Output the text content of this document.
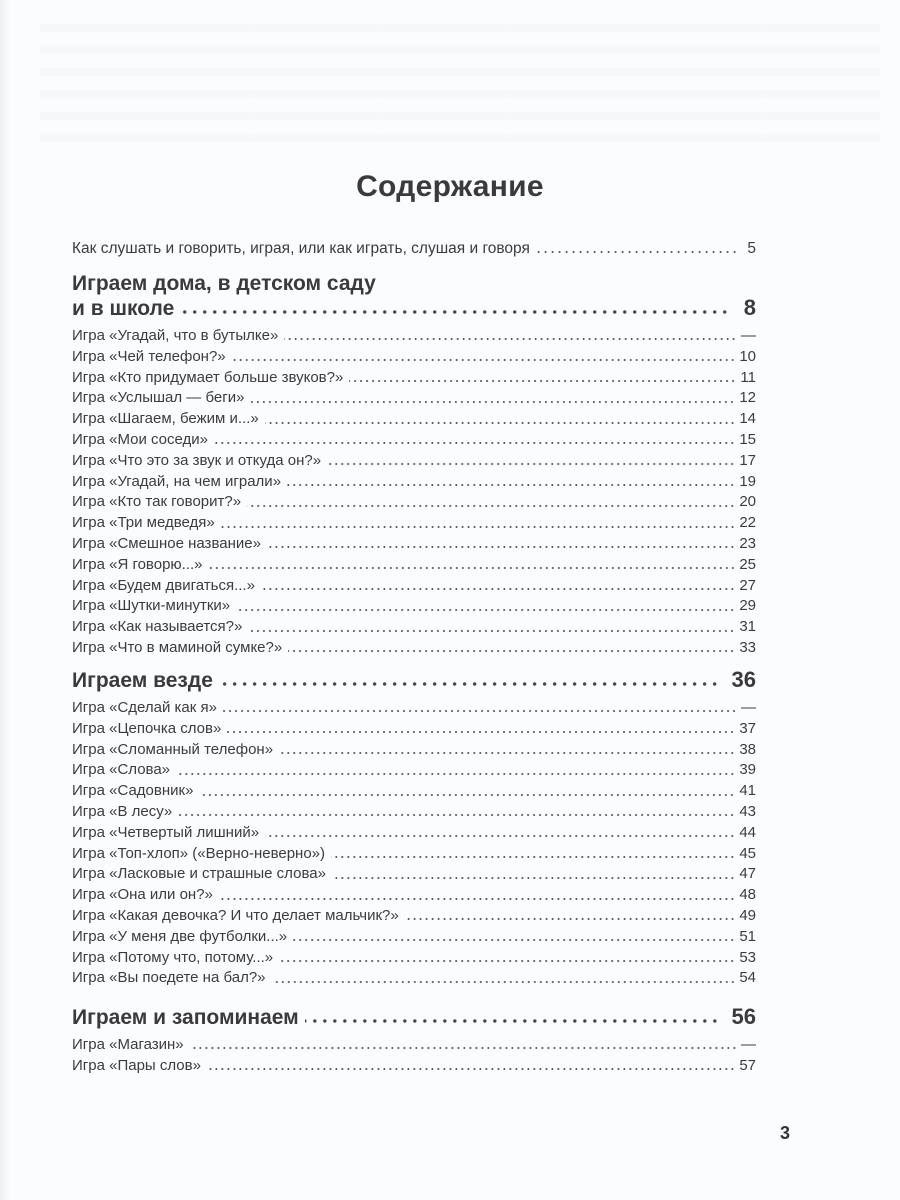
Содержание
Как слушать и говорить, играя, или как играть, слушая и говоря	5
Играем дома, в детском саду
и в школе	8
Игра «Угадай, что в бутылке»	—
Игра «Чей телефон?»	10
Игра «Кто придумает больше звуков?»	11
Игра «Услышал — беги»	12
Игра «Шагаем, бежим и...»	14
Игра «Мои соседи»	15
Игра «Что это за звук и откуда он?»	17
Игра «Угадай, на чем играли»	19
Игра «Кто так говорит?»	20
Игра «Три медведя»	22
Игра «Смешное название»	23
Игра «Я говорю...»	25
Игра «Будем двигаться...»	27
Игра «Шутки-минутки»	29
Игра «Как называется?»	31
Игра «Что в маминой сумке?»	33
Играем везде	36
Игра «Сделай как я»	—
Игра «Цепочка слов»	37
Игра «Сломанный телефон»	38
Игра «Слова»	39
Игра «Садовник»	41
Игра «В лесу»	43
Игра «Четвертый лишний»	44
Игра «Топ-хлоп» («Верно-неверно»)	45
Игра «Ласковые и страшные слова»	47
Игра «Она или он?»	48
Игра «Какая девочка? И что делает мальчик?»	49
Игра «У меня две футболки...»	51
Игра «Потому что, потому...»	53
Игра «Вы поедете на бал?»	54
Играем и запоминаем	56
Игра «Магазин»	—
Игра «Пары слов»	57
3
